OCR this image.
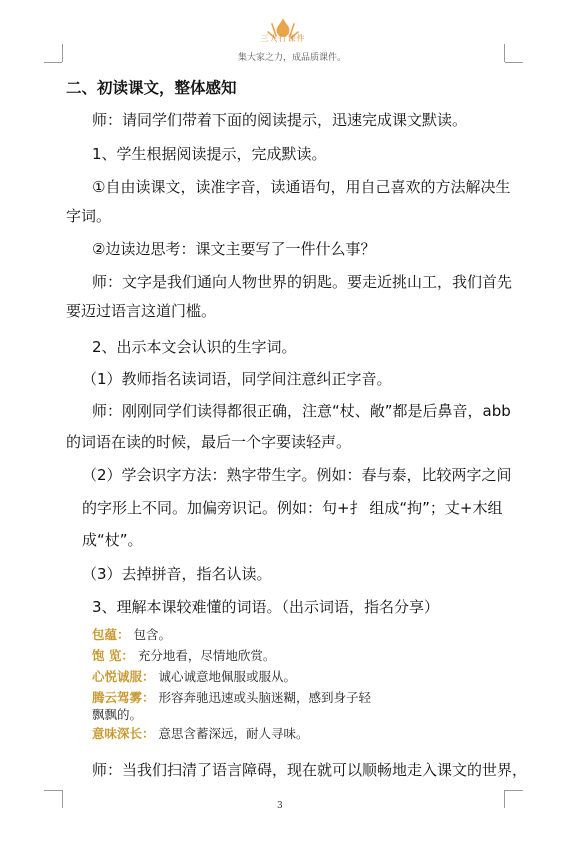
三人行课件
集大家之力，成品质课件。
二、初读课文，整体感知
师：请同学们带着下面的阅读提示，迅速完成课文默读。
1、学生根据阅读提示，完成默读。
①自由读课文，读准字音，读通语句，用自己喜欢的方法解决生
字词。
②边读边思考：课文主要写了一件什么事？
师：文字是我们通向人物世界的钥匙。要走近挑山工，我们首先
要迈过语言这道门槛。
2、出示本文会认识的生字词。
（1）教师指名读词语，同学间注意纠正字音。
师：刚刚同学们读得都很正确，注意“杖、敞”都是后鼻音，abb
的词语在读的时候，最后一个字要读轻声。
（2）学会识字方法：熟字带生字。例如：春与泰，比较两字之间
的字形上不同。加偏旁识记。例如：句+扌 组成“拘”；丈+木组
成“杖”。
（3）去掉拼音，指名认读。
3、理解本课较难懂的词语。（出示词语，指名分享）
包蕴： 包含。
饱 览： 充分地看，尽情地欣赏。
心悦诚服： 诚心诚意地佩服或服从。
腾云驾雾： 形容奔驰迅速或头脑迷糊，感到身子轻
飘飘的。
意味深长： 意思含蓄深远，耐人寻味。
师：当我们扫清了语言障碍，现在就可以顺畅地走入课文的世界，
3
